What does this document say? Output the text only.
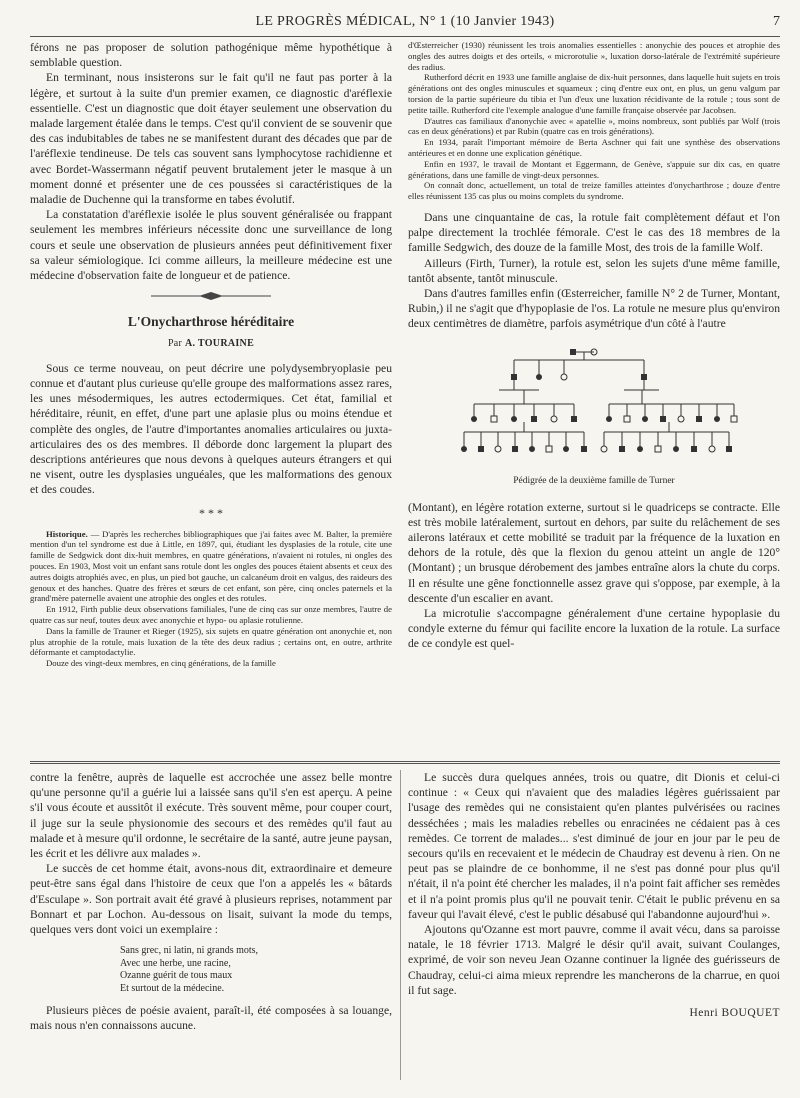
LE PROGRÈS MÉDICAL, N° 1 (10 Janvier 1943)	7

férons ne pas proposer de solution pathogénique même hypothétique à semblable question.

En terminant, nous insisterons sur le fait qu'il ne faut pas porter à la légère, et surtout à la suite d'un premier examen, ce diagnostic d'aréflexie essentielle. C'est un diagnostic que doit étayer seulement une observation du malade largement étalée dans le temps. C'est qu'il convient de se souvenir que des cas indubitables de tabes ne se manifestent durant des décades que par de l'aréflexie tendineuse. De tels cas souvent sans lymphocytose rachidienne et avec Bordet-Wassermann négatif peuvent brutalement jeter le masque à un moment donné et présenter une de ces poussées si caractéristiques de la maladie de Duchenne qui la transforme en tabes évolutif.

La constatation d'aréflexie isolée le plus souvent généralisée ou frappant seulement les membres inférieurs nécessite donc une surveillance de long cours et seule une observation de plusieurs années peut définitivement fixer sa valeur sémiologique. Ici comme ailleurs, la meilleure médecine est une médecine d'observation faite de longueur et de patience.

L'Onycharthrose héréditaire
Par A. TOURAINE

Sous ce terme nouveau, on peut décrire une polydysembryoplasie peu connue et d'autant plus curieuse qu'elle groupe des malformations assez rares, les unes mésodermiques, les autres ectodermiques. Cet état, familial et héréditaire, réunit, en effet, d'une part une aplasie plus ou moins étendue et complète des ongles, de l'autre d'importantes anomalies articulaires ou juxta-articulaires des os des membres. Il déborde donc largement la plupart des descriptions antérieures que nous devons à quelques auteurs étrangers et qui ne visent, outre les dysplasies unguéales, que les malformations des genoux et des coudes.

* * *

Historique. — D'après les recherches bibliographiques que j'ai faites avec M. Balter, la première mention d'un tel syndrome est due à Little, en 1897, qui, étudiant les dysplasies de la rotule, cite une famille de Sedgwick dont dix-huit membres, en quatre générations, n'avaient ni rotules, ni ongles des pouces. En 1903, Most voit un enfant sans rotule dont les ongles des pouces étaient absents et ceux des autres doigts atrophiés avec, en plus, un pied bot gauche, un calcanéum droit en valgus, des raideurs des genoux et des hanches. Quatre des frères et sœurs de cet enfant, son père, cinq oncles paternels et la grand'mère paternelle avaient une atrophie des ongles et des rotules.

En 1912, Firth publie deux observations familiales, l'une de cinq cas sur onze membres, l'autre de quatre cas sur neuf, toutes deux avec anonychie et hypo- ou aplasie rotulienne.

Dans la famille de Trauner et Rieger (1925), six sujets en quatre génération ont anonychie et, non plus atrophie de la rotule, mais luxation de la tête des deux radius ; certains ont, en outre, arthrite déformante et camptodactylie.

Douze des vingt-deux membres, en cinq générations, de la famille

d'Œsterreicher (1930) réunissent les trois anomalies essentielles : anonychie des pouces et atrophie des ongles des autres doigts et des orteils, « microrotulie », luxation dorso-latérale de l'extrémité supérieure des radius.

Rutherford décrit en 1933 une famille anglaise de dix-huit personnes, dans laquelle huit sujets en trois générations ont des ongles minuscules et squameux ; cinq d'entre eux ont, en plus, un genu valgum par torsion de la partie supérieure du tibia et l'un d'eux une luxation récidivante de la rotule ; tous sont de petite taille. Rutherford cite l'exemple analogue d'une famille française observée par Jacobsen.

D'autres cas familiaux d'anonychie avec « apatellie », moins nombreux, sont publiés par Wolf (trois cas en deux générations) et par Rubin (quatre cas en trois générations).

En 1934, paraît l'important mémoire de Berta Aschner qui fait une synthèse des observations antérieures et en donne une explication génétique.

Enfin en 1937, le travail de Montant et Eggermann, de Genève, s'appuie sur dix cas, en quatre générations, dans une famille de vingt-deux personnes.

On connaît donc, actuellement, un total de treize familles atteintes d'onycharthrose ; douze d'entre elles réunissent 135 cas plus ou moins complets du syndrome.

Dans une cinquantaine de cas, la rotule fait complètement défaut et l'on palpe directement la trochlée fémorale. C'est le cas des 18 membres de la famille Sedgwich, des douze de la famille Most, des trois de la famille Wolf.

Ailleurs (Firth, Turner), la rotule est, selon les sujets d'une même famille, tantôt absente, tantôt minuscule.

Dans d'autres familles enfin (Œsterreicher, famille N° 2 de Turner, Montant, Rubin,) il ne s'agit que d'hypoplasie de l'os. La rotule ne mesure plus qu'environ deux centimètres de diamètre, parfois asymétrique d'un côté à l'autre

Pédigrée de la deuxième famille de Turner

(Montant), en légère rotation externe, surtout si le quadriceps se contracte. Elle est très mobile latéralement, surtout en dehors, par suite du relâchement de ses ailerons latéraux et cette mobilité se traduit par la fréquence de la luxation en dehors de la rotule, dès que la flexion du genou atteint un angle de 120° (Montant) ; un brusque dérobement des jambes entraîne alors la chute du corps. Il en résulte une gêne fonctionnelle assez grave qui s'oppose, par exemple, à la descente d'un escalier en avant.

La microtulie s'accompagne généralement d'une certaine hypoplasie du condyle externe du fémur qui facilite encore la luxation de la rotule. La surface de ce condyle est quel-

contre la fenêtre, auprès de laquelle est accrochée une assez belle montre qu'une personne qu'il a guérie lui a laissée sans qu'il s'en est aperçu. A peine s'il vous écoute et aussitôt il exécute. Très souvent même, pour couper court, il juge sur la seule physionomie des secours et des remèdes qu'il faut au malade et à mesure qu'il ordonne, le secrétaire de la santé, autre jeune paysan, les écrit et les délivre aux malades ».

Le succès de cet homme était, avons-nous dit, extraordinaire et demeure peut-être sans égal dans l'histoire de ceux que l'on a appelés les « bâtards d'Esculape ». Son portrait avait été gravé à plusieurs reprises, notamment par Bonnart et par Lochon. Au-dessous on lisait, suivant la mode du temps, quelques vers dont voici un exemplaire :

Sans grec, ni latin, ni grands mots,
Avec une herbe, une racine,
Ozanne guérit de tous maux
Et surtout de la médecine.

Plusieurs pièces de poésie avaient, paraît-il, été composées à sa louange, mais nous n'en connaissons aucune.

Le succès dura quelques années, trois ou quatre, dit Dionis et celui-ci continue : « Ceux qui n'avaient que des maladies légères guérissaient par l'usage des remèdes qui ne consistaient qu'en plantes pulvérisées ou racines desséchées ; mais les maladies rebelles ou enracinées ne cédaient pas à ces remèdes. Ce torrent de malades... s'est diminué de jour en jour par le peu de secours qu'ils en recevaient et le médecin de Chaudray est devenu à rien. On ne peut pas se plaindre de ce bonhomme, il ne s'est pas donné pour plus qu'il n'était, il n'a point été chercher les malades, il n'a point fait afficher ses remèdes et il n'a point promis plus qu'il ne pouvait tenir. C'était le public prévenu en sa faveur qui l'avait élevé, c'est le public désabusé qui l'abandonne aujourd'hui ».

Ajoutons qu'Ozanne est mort pauvre, comme il avait vécu, dans sa paroisse natale, le 18 février 1713. Malgré le désir qu'il avait, suivant Coulanges, exprimé, de voir son neveu Jean Ozanne continuer la lignée des guérisseurs de Chaudray, celui-ci aima mieux reprendre les mancherons de la charrue, en quoi il fut sage.

Henri BOUQUET
